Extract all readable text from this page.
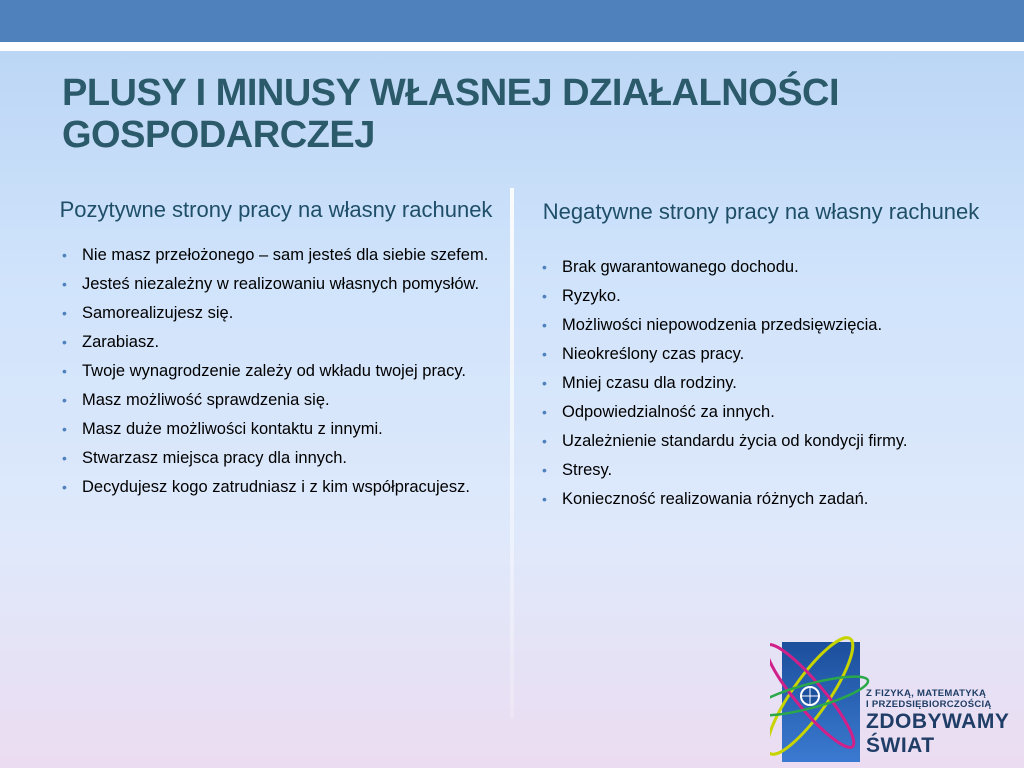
PLUSY I MINUSY WŁASNEJ DZIAŁALNOŚCI
GOSPODARCZEJ
Pozytywne strony pracy na własny rachunek
• Nie masz przełożonego – sam jesteś dla siebie szefem.
• Jesteś niezależny w realizowaniu własnych pomysłów.
• Samorealizujesz się.
• Zarabiasz.
• Twoje wynagrodzenie zależy od wkładu twojej pracy.
• Masz możliwość sprawdzenia się.
• Masz duże możliwości kontaktu z innymi.
• Stwarzasz miejsca pracy dla innych.
• Decydujesz kogo zatrudniasz i z kim współpracujesz.
Negatywne strony pracy na własny rachunek
• Brak gwarantowanego dochodu.
• Ryzyko.
• Możliwości niepowodzenia przedsięwzięcia.
• Nieokreślony czas pracy.
• Mniej czasu dla rodziny.
• Odpowiedzialność za innych.
• Uzależnienie standardu życia od kondycji firmy.
• Stresy.
• Konieczność realizowania różnych zadań.
Z FIZYKĄ, MATEMATYKĄ
I PRZEDSIĘBIORCZOŚCIĄ
ZDOBYWAMY
ŚWIAT
